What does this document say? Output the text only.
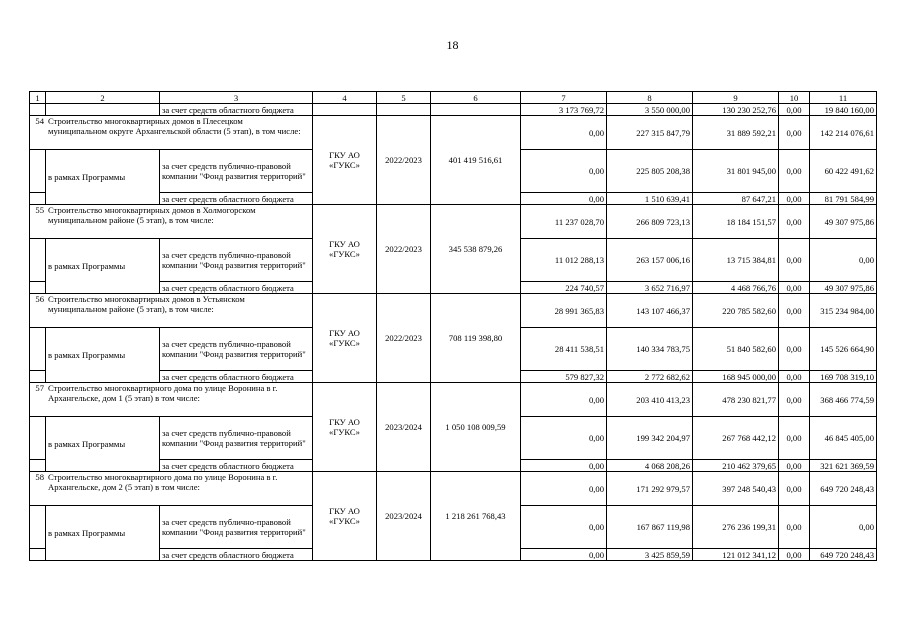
18
1	2	3	4	5	6	7	8	9	10	11
		за счет средств областного бюджета				3 173 769,72	3 550 000,00	130 230 252,76	0,00	19 840 160,00
54 Строительство многоквартирных домов в Плесецком муниципальном округе Архангельской области (5 этап), в том числе:			ГКУ АО «ГУКС»	2022/2023	401 419 516,61	0,00	227 315 847,79	31 889 592,21	0,00	142 214 076,61
	в рамках Программы	за счет средств публично-правовой компании "Фонд развития территорий"				0,00	225 805 208,38	31 801 945,00	0,00	60 422 491,62
		за счет средств областного бюджета				0,00	1 510 639,41	87 647,21	0,00	81 791 584,99
55 Строительство многоквартирных домов в Холмогорском муниципальном районе (5 этап), в том числе:			ГКУ АО «ГУКС»	2022/2023	345 538 879,26	11 237 028,70	266 809 723,13	18 184 151,57	0,00	49 307 975,86
	в рамках Программы	за счет средств публично-правовой компании "Фонд развития территорий"				11 012 288,13	263 157 006,16	13 715 384,81	0,00	0,00
		за счет средств областного бюджета				224 740,57	3 652 716,97	4 468 766,76	0,00	49 307 975,86
56 Строительство многоквартирных домов в Устьянском муниципальном районе (5 этап), в том числе:			ГКУ АО «ГУКС»	2022/2023	708 119 398,80	28 991 365,83	143 107 466,37	220 785 582,60	0,00	315 234 984,00
	в рамках Программы	за счет средств публично-правовой компании "Фонд развития территорий"				28 411 538,51	140 334 783,75	51 840 582,60	0,00	145 526 664,90
		за счет средств областного бюджета				579 827,32	2 772 682,62	168 945 000,00	0,00	169 708 319,10
57 Строительство многоквартирного дома по улице Воронина в г. Архангельске, дом 1 (5 этап) в том числе:			ГКУ АО «ГУКС»	2023/2024	1 050 108 009,59	0,00	203 410 413,23	478 230 821,77	0,00	368 466 774,59
	в рамках Программы	за счет средств публично-правовой компании "Фонд развития территорий"				0,00	199 342 204,97	267 768 442,12	0,00	46 845 405,00
		за счет средств областного бюджета				0,00	4 068 208,26	210 462 379,65	0,00	321 621 369,59
58 Строительство многоквартирного дома по улице Воронина в г. Архангельске, дом 2 (5 этап) в том числе:			ГКУ АО «ГУКС»	2023/2024	1 218 261 768,43	0,00	171 292 979,57	397 248 540,43	0,00	649 720 248,43
	в рамках Программы	за счет средств публично-правовой компании "Фонд развития территорий"				0,00	167 867 119,98	276 236 199,31	0,00	0,00
		за счет средств областного бюджета				0,00	3 425 859,59	121 012 341,12	0,00	649 720 248,43
